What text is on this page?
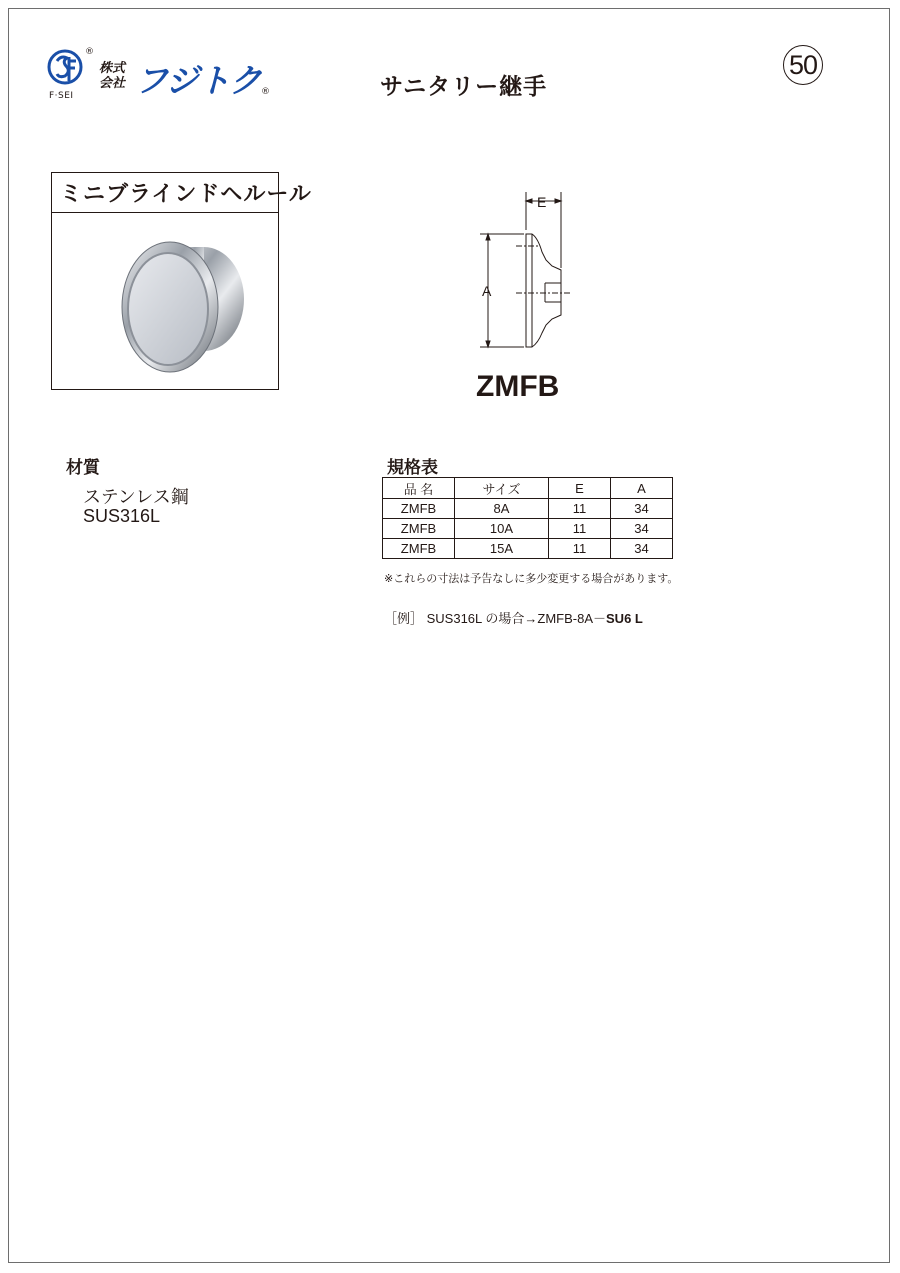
®
F·SEI
株式会社 フジトク ®	サニタリー継手
50
ミニブラインドヘルール	E
A
ZMFB
材質
ステンレス鋼
SUS316L
規格表
品 名	サイズ	E	A
ZMFB	8A	11	34
ZMFB	10A	11	34
ZMFB	15A	11	34
※これらの寸法は予告なしに多少変更する場合があります。
［例］ SUS316L の場合→ZMFB-8A－SU6 L
